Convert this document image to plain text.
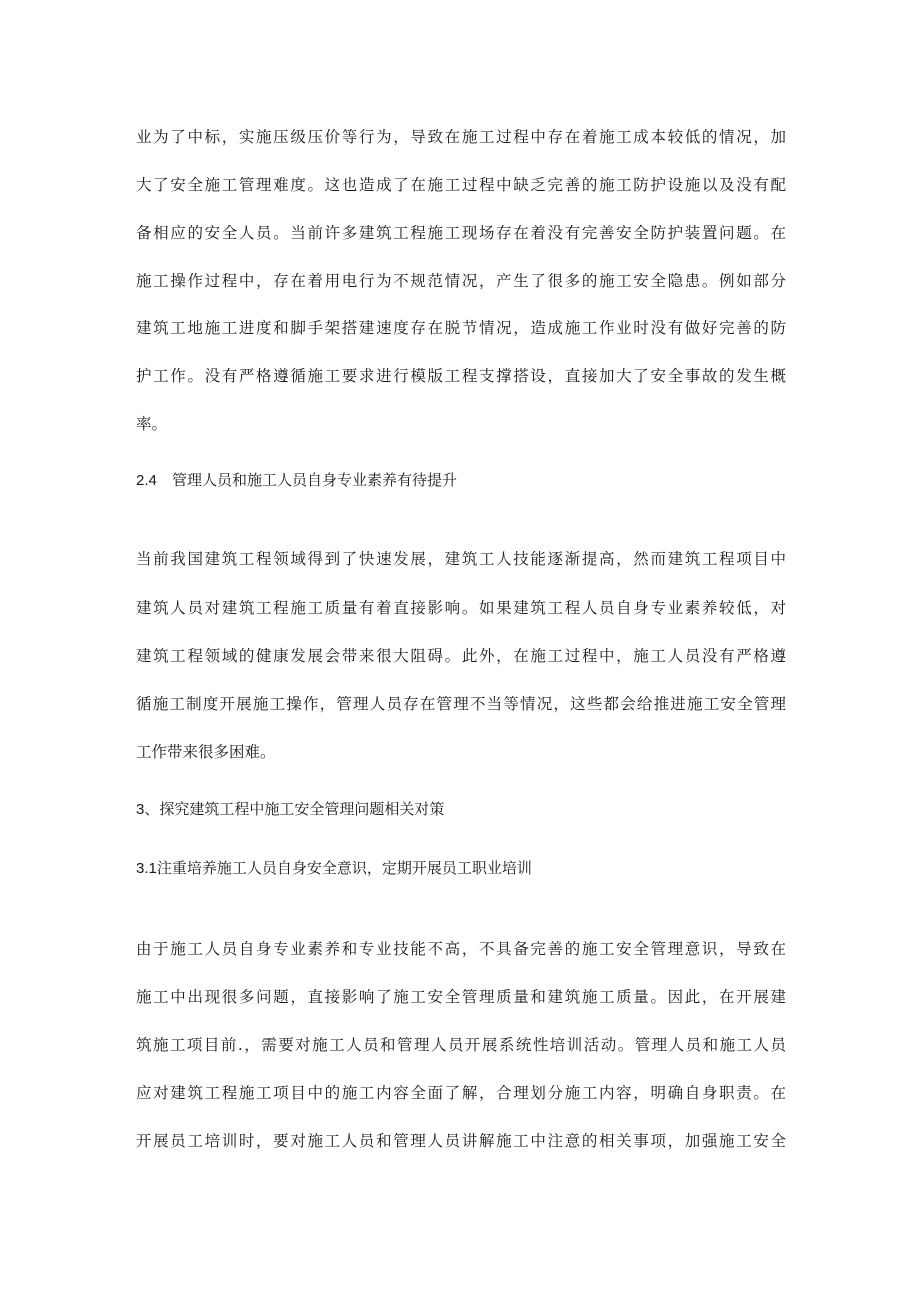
业为了中标，实施压级压价等行为，导致在施工过程中存在着施工成本较低的情况，加
大了安全施工管理难度。这也造成了在施工过程中缺乏完善的施工防护设施以及没有配
备相应的安全人员。当前许多建筑工程施工现场存在着没有完善安全防护装置问题。在
施工操作过程中，存在着用电行为不规范情况，产生了很多的施工安全隐患。例如部分
建筑工地施工进度和脚手架搭建速度存在脱节情况，造成施工作业时没有做好完善的防
护工作。没有严格遵循施工要求进行模版工程支撑搭设，直接加大了安全事故的发生概
率。
2.4 管理人员和施工人员自身专业素养有待提升
当前我国建筑工程领域得到了快速发展，建筑工人技能逐渐提高，然而建筑工程项目中
建筑人员对建筑工程施工质量有着直接影响。如果建筑工程人员自身专业素养较低，对
建筑工程领域的健康发展会带来很大阻碍。此外，在施工过程中，施工人员没有严格遵
循施工制度开展施工操作，管理人员存在管理不当等情况，这些都会给推进施工安全管理
工作带来很多困难。
3、探究建筑工程中施工安全管理问题相关对策
3.1注重培养施工人员自身安全意识，定期开展员工职业培训
由于施工人员自身专业素养和专业技能不高，不具备完善的施工安全管理意识，导致在
施工中出现很多问题，直接影响了施工安全管理质量和建筑施工质量。因此，在开展建
筑施工项目前.，需要对施工人员和管理人员开展系统性培训活动。管理人员和施工人员
应对建筑工程施工项目中的施工内容全面了解，合理划分施工内容，明确自身职责。在
开展员工培训时，要对施工人员和管理人员讲解施工中注意的相关事项，加强施工安全
